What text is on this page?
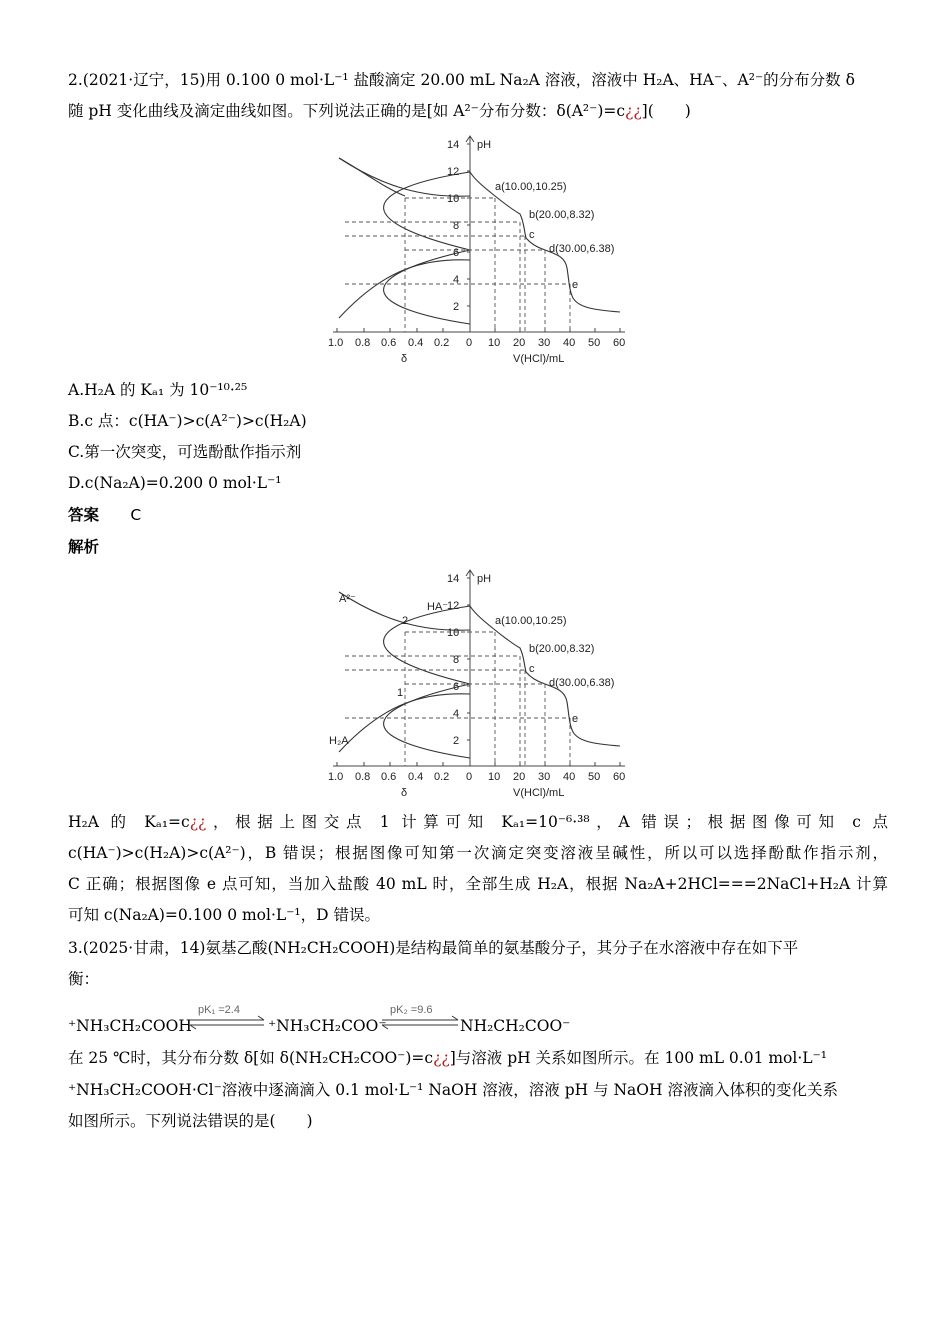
2.(2021·辽宁，15)用 0.100 0 mol·L⁻¹ 盐酸滴定 20.00 mL Na₂A 溶液，溶液中 H₂A、HA⁻、A²⁻的分布分数 δ
随 pH 变化曲线及滴定曲线如图。下列说法正确的是[如 A²⁻分布分数：δ(A²⁻)=c¿¿](　　)
pH
a(10.00,10.25)
b(20.00,8.32)
c
d(30.00,6.38)
e
2
4
6
8
10
12
14
1.0 0.8 0.6 0.4 0.2 0 10 20 30 40 50 60
δ	V(HCl)/mL
A.H₂A 的 Kₐ₁ 为 10⁻¹⁰·²⁵
B.c 点：c(HA⁻)>c(A²⁻)>c(H₂A)
C.第一次突变，可选酚酞作指示剂
D.c(Na₂A)=0.200 0 mol·L⁻¹
答案 C
解析
pH
A²⁻
HA⁻
H₂A
2
1
a(10.00,10.25)
b(20.00,8.32)
c
d(30.00,6.38)
e
2
4
6
8
10
12
14
1.0 0.8 0.6 0.4 0.2 0 10 20 30 40 50 60
δ	V(HCl)/mL
H₂A 的 Kₐ₁=c¿¿，根据上图交点 1 计算可知 Kₐ₁=10⁻⁶·³⁸，A 错误；根据图像可知 c 点
c(HA⁻)>c(H₂A)>c(A²⁻)，B 错误；根据图像可知第一次滴定突变溶液呈碱性，所以可以选择酚酞作指示剂，
C 正确；根据图像 e 点可知，当加入盐酸 40 mL 时，全部生成 H₂A，根据 Na₂A+2HCl===2NaCl+H₂A 计算
可知 c(Na₂A)=0.100 0 mol·L⁻¹，D 错误。
3.(2025·甘肃，14)氨基乙酸(NH₂CH₂COOH)是结构最简单的氨基酸分子，其分子在水溶液中存在如下平
衡：
⁺NH₃CH₂COOH
pK₁ =2.4
⁺NH₃CH₂COO⁻
pK₂ =9.6
NH₂CH₂COO⁻
在 25 ℃时，其分布分数 δ[如 δ(NH₂CH₂COO⁻)=c¿¿]与溶液 pH 关系如图所示。在 100 mL 0.01 mol·L⁻¹
⁺NH₃CH₂COOH·Cl⁻溶液中逐滴滴入 0.1 mol·L⁻¹ NaOH 溶液，溶液 pH 与 NaOH 溶液滴入体积的变化关系
如图所示。下列说法错误的是(　　)
